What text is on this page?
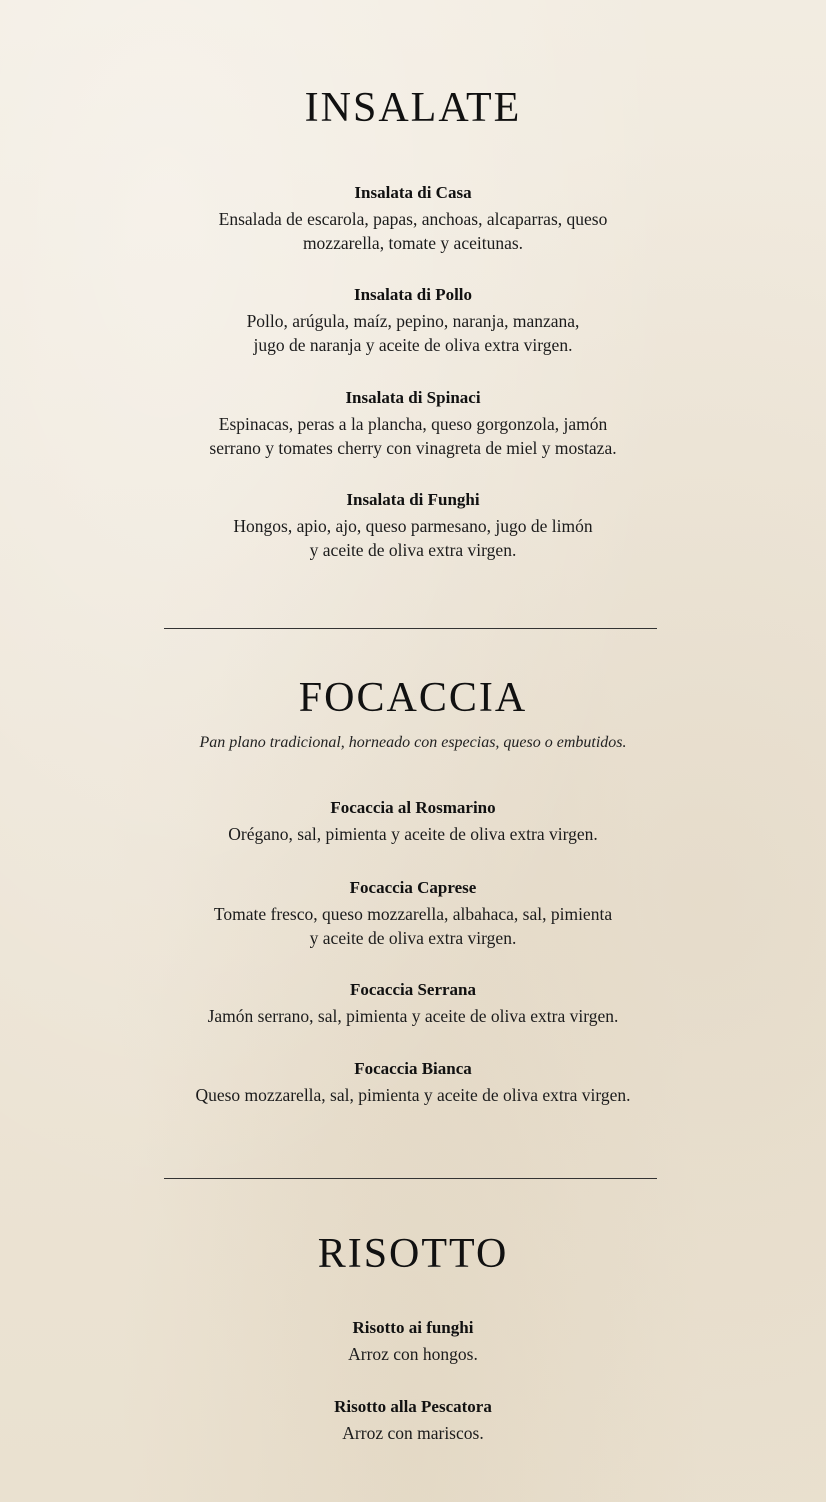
INSALATE
Insalata di Casa
Ensalada de escarola, papas, anchoas, alcaparras, queso
mozzarella, tomate y aceitunas.
Insalata di Pollo
Pollo, arúgula, maíz, pepino, naranja, manzana,
jugo de naranja y aceite de oliva extra virgen.
Insalata di Spinaci
Espinacas, peras a la plancha, queso gorgonzola, jamón
serrano y tomates cherry con vinagreta de miel y mostaza.
Insalata di Funghi
Hongos, apio, ajo, queso parmesano, jugo de limón
y aceite de oliva extra virgen.
FOCACCIA

Pan plano tradicional, horneado con especias, queso o embutidos.

Focaccia al Rosmarino
Orégano, sal, pimienta y aceite de oliva extra virgen.
Focaccia Caprese
Tomate fresco, queso mozzarella, albahaca, sal, pimienta
y aceite de oliva extra virgen.
Focaccia Serrana
Jamón serrano, sal, pimienta y aceite de oliva extra virgen.
Focaccia Bianca
Queso mozzarella, sal, pimienta y aceite de oliva extra virgen.
RISOTTO
Risotto ai funghi
Arroz con hongos.
Risotto alla Pescatora
Arroz con mariscos.
